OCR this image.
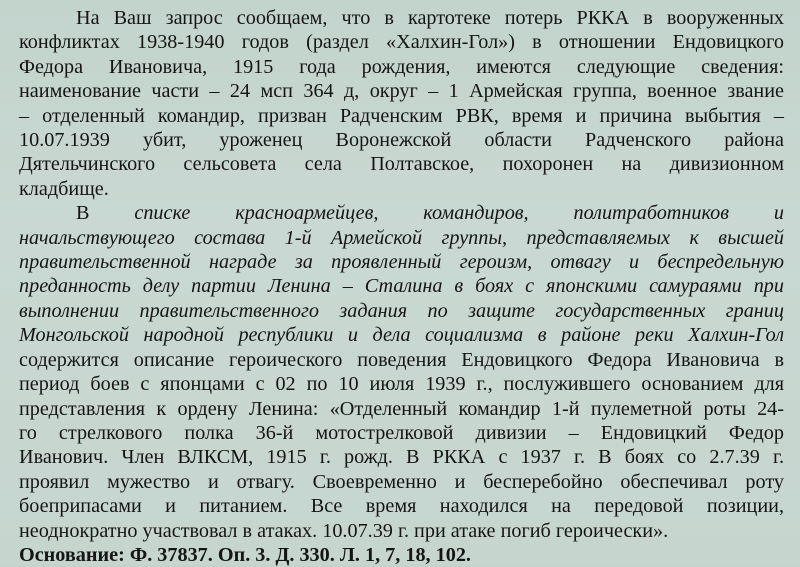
На Ваш запрос сообщаем, что в картотеке потерь РККА в вооруженных
конфликтах 1938-1940 годов (раздел «Халхин-Гол») в отношении Ендовицкого
Федора Ивановича, 1915 года рождения, имеются следующие сведения:
наименование части – 24 мсп 364 д, округ – 1 Армейская группа, военное звание
– отделенный командир, призван Радченским РВК, время и причина выбытия –
10.07.1939 убит, уроженец Воронежской области Радченского района
Дятельчинского сельсовета села Полтавское, похоронен на дивизионном
кладбище.

В списке красноармейцев, командиров, политработников и
начальствующего состава 1-й Армейской группы, представляемых к высшей
правительственной награде за проявленный героизм, отвагу и беспредельную
преданность делу партии Ленина – Сталина в боях с японскими самураями при
выполнении правительственного задания по защите государственных границ
Монгольской народной республики и дела социализма в районе реки Халхин-Гол
содержится описание героического поведения Ендовицкого Федора Ивановича в
период боев с японцами с 02 по 10 июля 1939 г., послужившего основанием для
представления к ордену Ленина: «Отделенный командир 1-й пулеметной роты 24-
го стрелкового полка 36-й мотострелковой дивизии – Ендовицкий Федор
Иванович. Член ВЛКСМ, 1915 г. рожд. В РККА с 1937 г. В боях со 2.7.39 г.
проявил мужество и отвагу. Своевременно и бесперебойно обеспечивал роту
боеприпасами и питанием. Все время находился на передовой позиции,
неоднократно участвовал в атаках. 10.07.39 г. при атаке погиб героически».

Основание: Ф. 37837. Оп. 3. Д. 330. Л. 1, 7, 18, 102.
